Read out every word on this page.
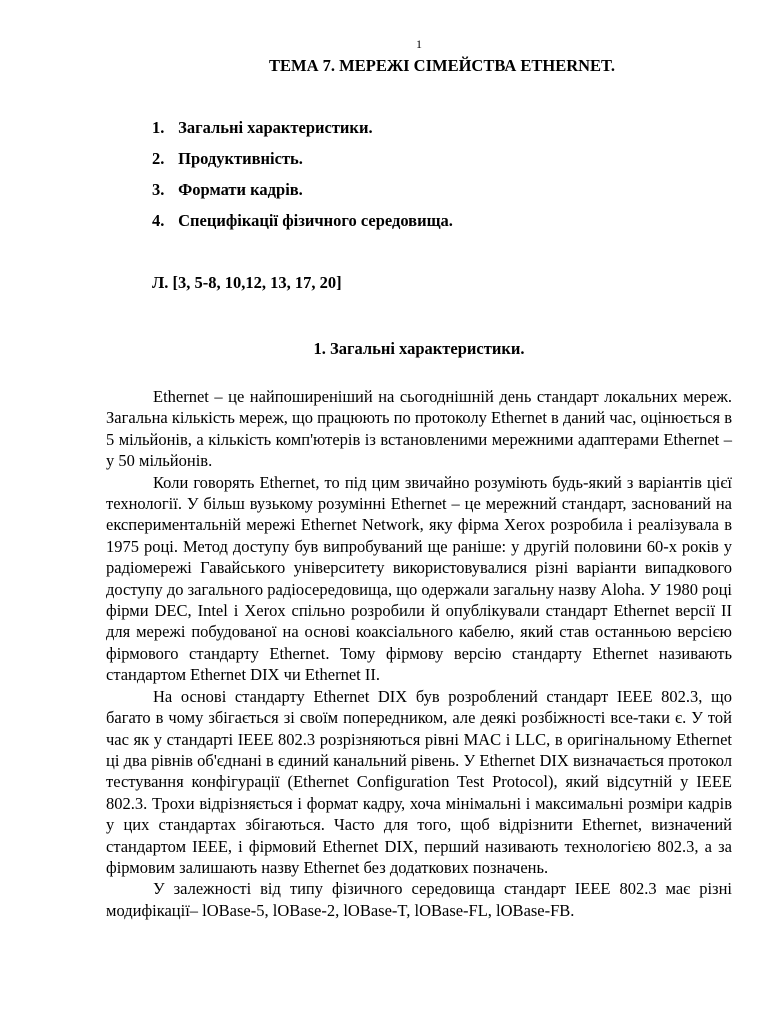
1
ТЕМА 7. МЕРЕЖІ СІМЕЙСТВА ETHERNET.
1. Загальні характеристики.
2. Продуктивність.
3. Формати кадрів.
4. Специфікації фізичного середовища.
Л. [3, 5-8, 10,12, 13, 17, 20]
1. Загальні характеристики.

Ethernet – це найпоширеніший на сьогоднішній день стандарт локальних мереж. Загальна кількість мереж, що працюють по протоколу Ethernet в даний час, оцінюється в 5 мільйонів, а кількість комп'ютерів із встановленими мережними адаптерами Ethernet – у 50 мільйонів.

Коли говорять Ethernet, то під цим звичайно розуміють будь-який з варіантів цієї технології. У більш вузькому розумінні Ethernet – це мережний стандарт, заснований на експериментальній мережі Ethernet Network, яку фірма Xerox розробила і реалізувала в 1975 році. Метод доступу був випробуваний ще раніше: у другій половини 60-х років у радіомережі Гавайського університету використовувалися різні варіанти випадкового доступу до загального радіосередовища, що одержали загальну назву Aloha. У 1980 році фірми DEC, Intel і Xerox спільно розробили й опублікували стандарт Ethernet версії II для мережі побудованої на основі коаксіального кабелю, який став останньою версією фірмового стандарту Ethernet. Тому фірмову версію стандарту Ethernet називають стандартом Ethernet DIX чи Ethernet II.

На основі стандарту Ethernet DIX був розроблений стандарт IEEE 802.3, що багато в чому збігається зі своїм попередником, але деякі розбіжності все-таки є. У той час як у стандарті IEEE 802.3 розрізняються рівні MAC і LLC, в оригінальному Ethernet ці два рівнів об'єднані в єдиний канальний рівень. У Ethernet DIX визначається протокол тестування конфігурації (Ethernet Configuration Test Protocol), який відсутній у IEEE 802.3. Трохи відрізняється і формат кадру, хоча мінімальні і максимальні розміри кадрів у цих стандартах збігаються. Часто для того, щоб відрізнити Ethernet, визначений стандартом IEEE, і фірмовий Ethernet DIX, перший називають технологією 802.3, а за фірмовим залишають назву Ethernet без додаткових позначень.

У залежності від типу фізичного середовища стандарт IEEE 802.3 має різні модифікації– lOBase-5, lOBase-2, lOBase-T, lOBase-FL, lOBase-FB.
